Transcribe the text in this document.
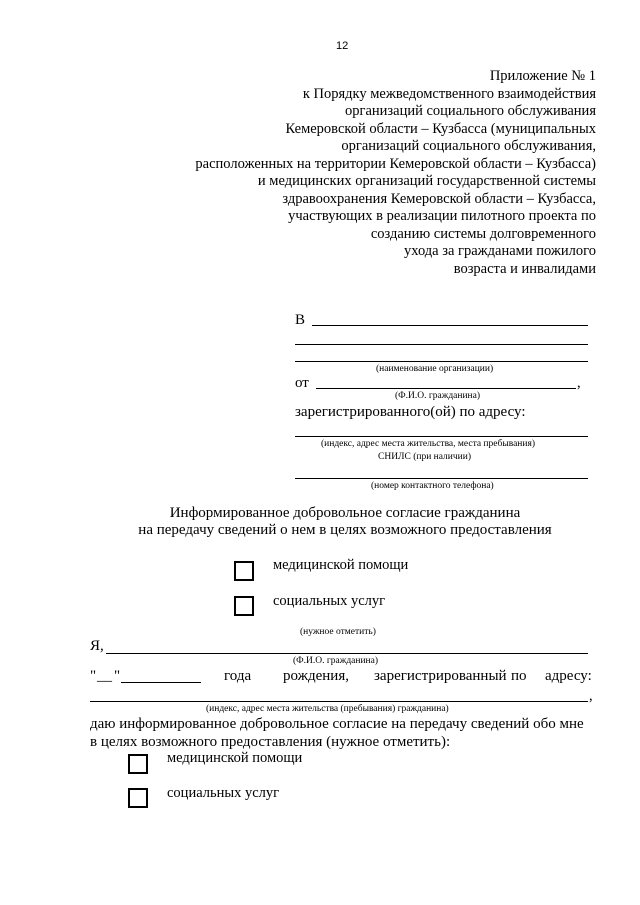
12
Приложение № 1
к Порядку межведомственного взаимодействия
организаций социального обслуживания
Кемеровской области – Кузбасса (муниципальных
организаций социального обслуживания,
расположенных на территории Кемеровской области – Кузбасса)
и медицинских организаций государственной системы
здравоохранения Кемеровской области – Кузбасса,
участвующих в реализации пилотного проекта по
созданию системы долговременного
ухода за гражданами пожилого
возраста и инвалидами
В
(наименование организации)
от	,
(Ф.И.О. гражданина)
зарегистрированного(ой) по адресу:
(индекс, адрес места жительства, места пребывания)
СНИЛС (при наличии)
(номер контактного телефона)
Информированное добровольное согласие гражданина
на передачу сведений о нем в целях возможного предоставления
медицинской помощи
социальных услуг
(нужное отметить)
Я,
(Ф.И.О. гражданина)
" __ "	года рождения, зарегистрированный по адресу:
,
(индекс, адрес места жительства (пребывания) гражданина)
даю информированное добровольное согласие на передачу сведений обо мне
в целях возможного предоставления (нужное отметить):
медицинской помощи
социальных услуг
